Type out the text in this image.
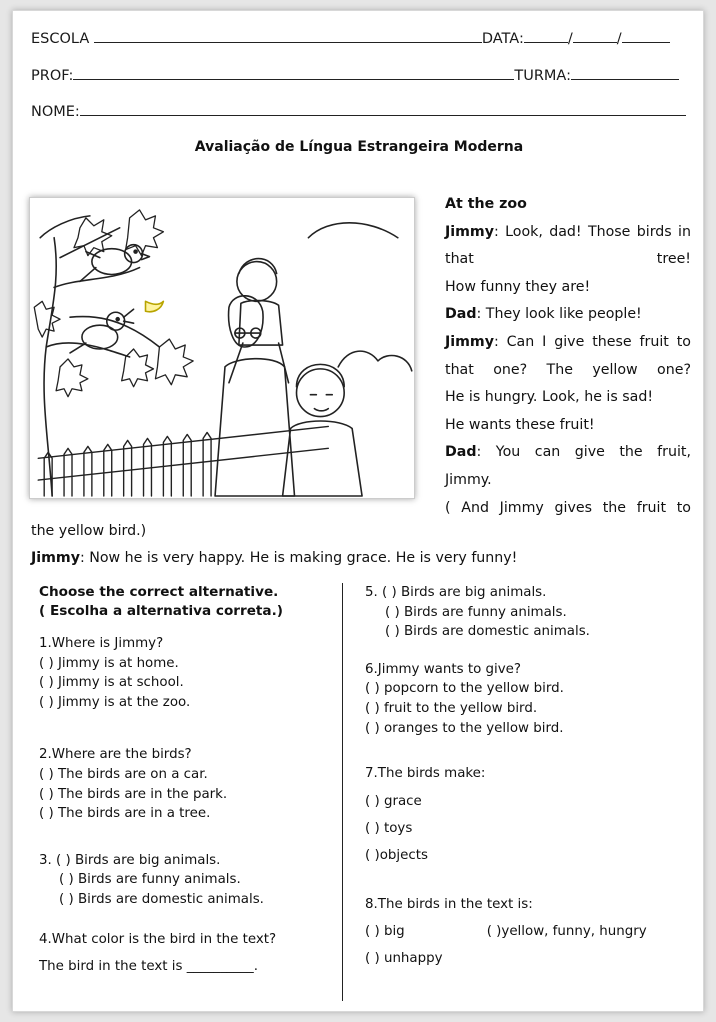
ESCOLA	DATA:	/	/
PROF:	TURMA:
NOME:
Avaliação de Língua Estrangeira Moderna

At the zoo

Jimmy: Look, dad! Those birds in that tree!

How funny they are!

Dad: They look like people!

Jimmy: Can I give these fruit to that one? The yellow one?

He is hungry. Look, he is sad!

He wants these fruit!

Dad: You can give the fruit, Jimmy.

( And Jimmy gives the fruit to

the yellow bird.)
Jimmy: Now he is very happy. He is making grace. He is very funny!
Choose the correct alternative.
( Escolha a alternativa correta.)
1.Where is Jimmy?
( ) Jimmy is at home.
( ) Jimmy is at school.
( ) Jimmy is at the zoo.
2.Where are the birds?
( ) The birds are on a car.
( ) The birds are in the park.
( ) The birds are in a tree.
3. ( ) Birds are big animals.
( ) Birds are funny animals.
( ) Birds are domestic animals.
4.What color is the bird in the text?
The bird in the text is __________.
5. ( ) Birds are big animals.
( ) Birds are funny animals.
( ) Birds are domestic animals.
6.Jimmy wants to give?
( ) popcorn to the yellow bird.
( ) fruit to the yellow bird.
( ) oranges to the yellow bird.
7.The birds make:
( ) grace
( ) toys
( )objects
8.The birds in the text is:
( ) big	( )yellow, funny, hungry
( ) unhappy
